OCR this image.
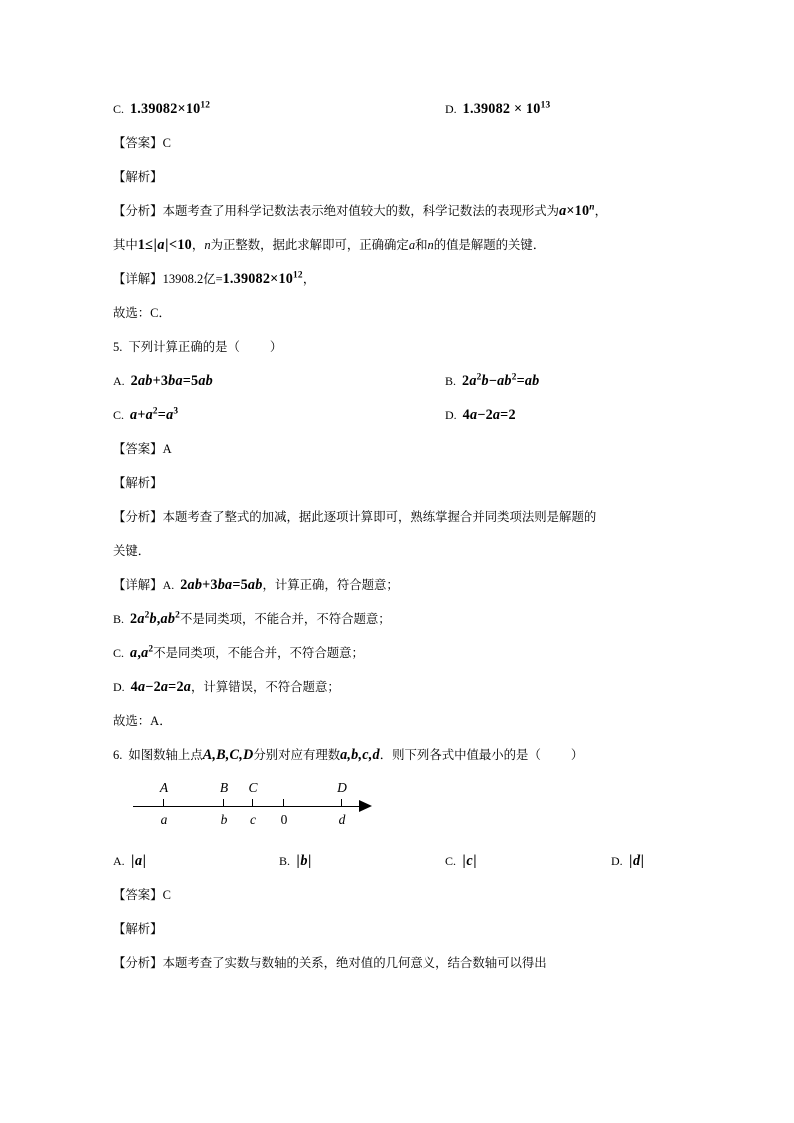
C. $1.39082\times 10^{12}$	D. $1.39082 \times 10^{13}$
【答案】C
【解析】
【分析】本题考查了用科学记数法表示绝对值较大的数，科学记数法的表现形式为$a\times 10^n$，
其中1≤|a|<10，n为正整数，据此求解即可，正确确定a和n的值是解题的关键．
【详解】13908.2亿$=1.39082\times 10^{12}$，
故选：C．
5. 下列计算正确的是（ ）
A. 2ab+3ba=5ab	B. $2a^2b-ab^2=ab$
C. $a+a^2=a^3$	D. 4a−2a=2
【答案】A
【解析】
【分析】本题考查了整式的加减，据此逐项计算即可，熟练掌握合并同类项法则是解题的
关键．
【详解】A. 2ab+3ba=5ab，计算正确，符合题意；
B. $2a^2b,ab^2$不是同类项，不能合并，不符合题意；
C. $a,a^2$不是同类项，不能合并，不符合题意；
D. 4a−2a=2a，计算错误，不符合题意；
故选：A．
6. 如图数轴上点A,B,C,D分别对应有理数a,b,c,d．则下列各式中值最小的是（ ）
A	B C	D
a	b c 0	d
A. |a|	B. |b|	C. |c|	D. |d|
【答案】C
【解析】
【分析】本题考查了实数与数轴的关系，绝对值的几何意义，结合数轴可以得出
